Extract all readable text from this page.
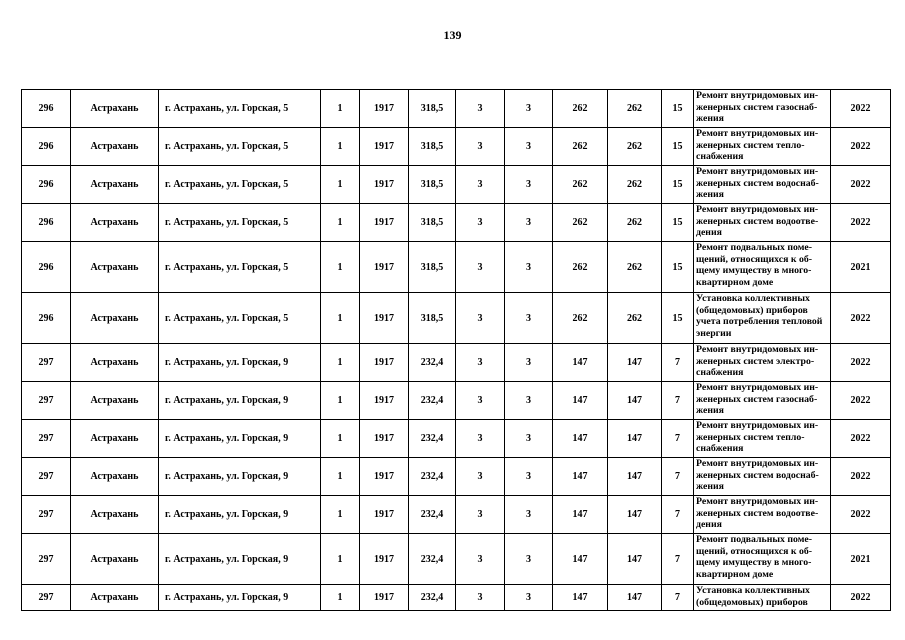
139
296	Астрахань	г. Астрахань, ул. Горская, 5	1	1917	318,5	3	3	262	262	15	Ремонт внутридомовых ин-
женерных систем газоснаб-
жения	2022
296	Астрахань	г. Астрахань, ул. Горская, 5	1	1917	318,5	3	3	262	262	15	Ремонт внутридомовых ин-
женерных систем тепло-
снабжения	2022
296	Астрахань	г. Астрахань, ул. Горская, 5	1	1917	318,5	3	3	262	262	15	Ремонт внутридомовых ин-
женерных систем водоснаб-
жения	2022
296	Астрахань	г. Астрахань, ул. Горская, 5	1	1917	318,5	3	3	262	262	15	Ремонт внутридомовых ин-
женерных систем водоотве-
дения	2022
296	Астрахань	г. Астрахань, ул. Горская, 5	1	1917	318,5	3	3	262	262	15	Ремонт подвальных поме-
щений, относящихся к об-
щему имуществу в много-
квартирном доме	2021
296	Астрахань	г. Астрахань, ул. Горская, 5	1	1917	318,5	3	3	262	262	15	Установка коллективных
(общедомовых) приборов
учета потребления тепловой
энергии	2022
297	Астрахань	г. Астрахань, ул. Горская, 9	1	1917	232,4	3	3	147	147	7	Ремонт внутридомовых ин-
женерных систем электро-
снабжения	2022
297	Астрахань	г. Астрахань, ул. Горская, 9	1	1917	232,4	3	3	147	147	7	Ремонт внутридомовых ин-
женерных систем газоснаб-
жения	2022
297	Астрахань	г. Астрахань, ул. Горская, 9	1	1917	232,4	3	3	147	147	7	Ремонт внутридомовых ин-
женерных систем тепло-
снабжения	2022
297	Астрахань	г. Астрахань, ул. Горская, 9	1	1917	232,4	3	3	147	147	7	Ремонт внутридомовых ин-
женерных систем водоснаб-
жения	2022
297	Астрахань	г. Астрахань, ул. Горская, 9	1	1917	232,4	3	3	147	147	7	Ремонт внутридомовых ин-
женерных систем водоотве-
дения	2022
297	Астрахань	г. Астрахань, ул. Горская, 9	1	1917	232,4	3	3	147	147	7	Ремонт подвальных поме-
щений, относящихся к об-
щему имуществу в много-
квартирном доме	2021
297	Астрахань	г. Астрахань, ул. Горская, 9	1	1917	232,4	3	3	147	147	7	Установка коллективных
(общедомовых) приборов	2022
